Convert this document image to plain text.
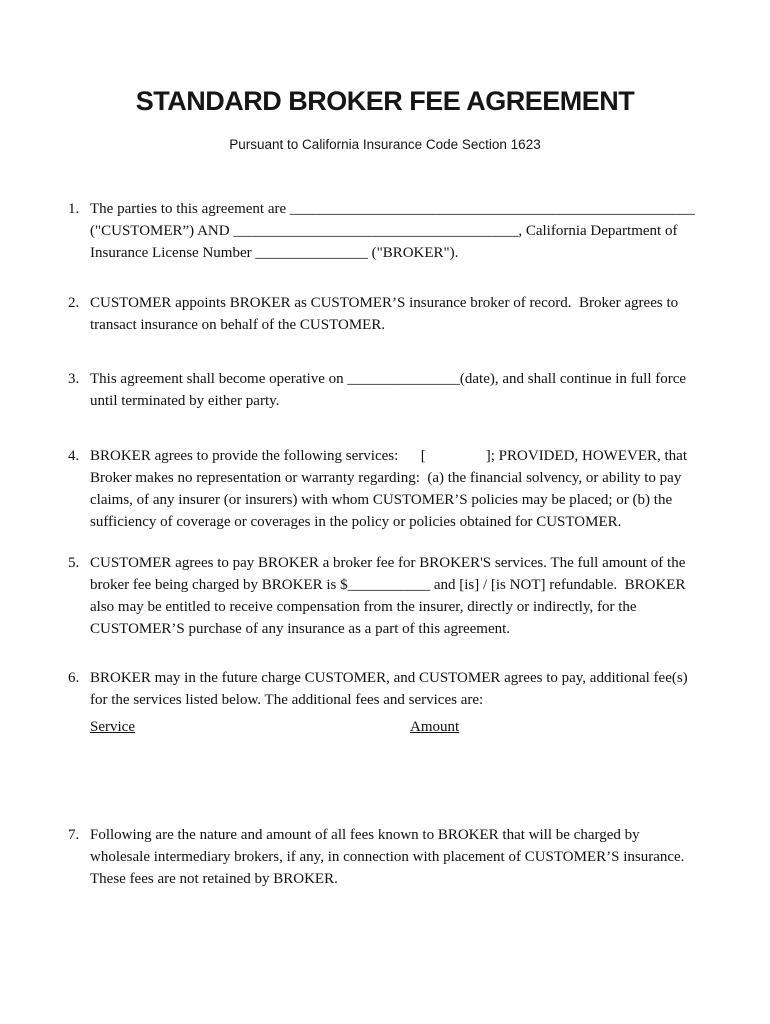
STANDARD BROKER FEE AGREEMENT
Pursuant to California Insurance Code Section 1623
1. The parties to this agreement are ______________________________________________________
("CUSTOMER”) AND ______________________________________, California Department of
Insurance License Number _______________ ("BROKER").
2. CUSTOMER appoints BROKER as CUSTOMER’S insurance broker of record.  Broker agrees to
transact insurance on behalf of the CUSTOMER.
3. This agreement shall become operative on _______________(date), and shall continue in full force
until terminated by either party.
4. BROKER agrees to provide the following services:      [                ]; PROVIDED, HOWEVER, that
Broker makes no representation or warranty regarding:  (a) the financial solvency, or ability to pay
claims, of any insurer (or insurers) with whom CUSTOMER’S policies may be placed; or (b) the
sufficiency of coverage or coverages in the policy or policies obtained for CUSTOMER.
5. CUSTOMER agrees to pay BROKER a broker fee for BROKER'S services. The full amount of the
broker fee being charged by BROKER is $___________ and [is] / [is NOT] refundable.  BROKER
also may be entitled to receive compensation from the insurer, directly or indirectly, for the
CUSTOMER’S purchase of any insurance as a part of this agreement.
6. BROKER may in the future charge CUSTOMER, and CUSTOMER agrees to pay, additional fee(s)
for the services listed below. The additional fees and services are:
Service	Amount
7. Following are the nature and amount of all fees known to BROKER that will be charged by
wholesale intermediary brokers, if any, in connection with placement of CUSTOMER’S insurance.
These fees are not retained by BROKER.
